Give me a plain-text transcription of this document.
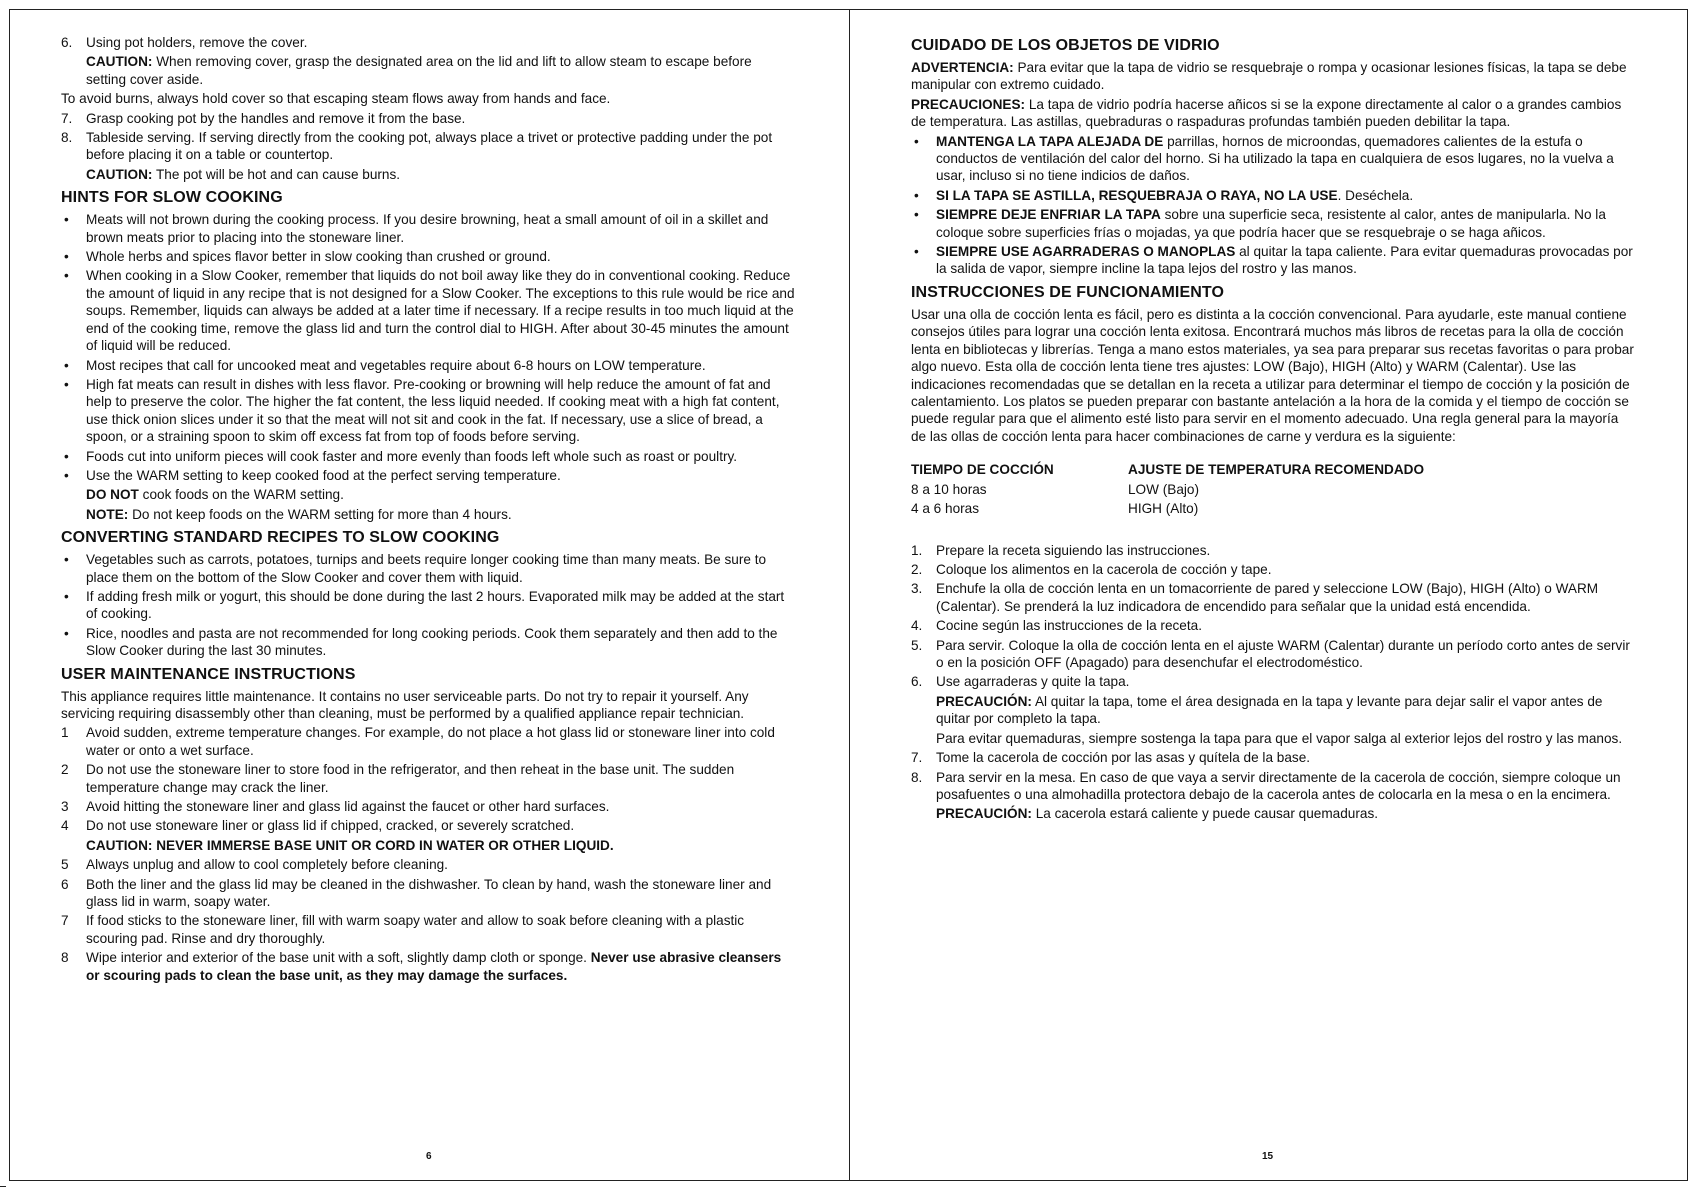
6. Using pot holders, remove the cover.

CAUTION: When removing cover, grasp the designated area on the lid and lift to allow steam to escape before setting cover aside.

To avoid burns, always hold cover so that escaping steam flows away from hands and face.

7. Grasp cooking pot by the handles and remove it from the base.
8. Tableside serving. If serving directly from the cooking pot, always place a trivet or protective padding under the pot before placing it on a table or countertop.

CAUTION: The pot will be hot and can cause burns.

HINTS FOR SLOW COOKING
• Meats will not brown during the cooking process. If you desire browning, heat a small amount of oil in a skillet and brown meats prior to placing into the stoneware liner.
• Whole herbs and spices flavor better in slow cooking than crushed or ground.
• When cooking in a Slow Cooker, remember that liquids do not boil away like they do in conventional cooking. Reduce the amount of liquid in any recipe that is not designed for a Slow Cooker. The exceptions to this rule would be rice and soups. Remember, liquids can always be added at a later time if necessary. If a recipe results in too much liquid at the end of the cooking time, remove the glass lid and turn the control dial to HIGH. After about 30-45 minutes the amount of liquid will be reduced.
• Most recipes that call for uncooked meat and vegetables require about 6-8 hours on LOW temperature.
• High fat meats can result in dishes with less flavor. Pre-cooking or browning will help reduce the amount of fat and help to preserve the color. The higher the fat content, the less liquid needed. If cooking meat with a high fat content, use thick onion slices under it so that the meat will not sit and cook in the fat. If necessary, use a slice of bread, a spoon, or a straining spoon to skim off excess fat from top of foods before serving.
• Foods cut into uniform pieces will cook faster and more evenly than foods left whole such as roast or poultry.
• Use the WARM setting to keep cooked food at the perfect serving temperature.

DO NOT cook foods on the WARM setting.

NOTE: Do not keep foods on the WARM setting for more than 4 hours.

CONVERTING STANDARD RECIPES TO SLOW COOKING
• Vegetables such as carrots, potatoes, turnips and beets require longer cooking time than many meats. Be sure to place them on the bottom of the Slow Cooker and cover them with liquid.
• If adding fresh milk or yogurt, this should be done during the last 2 hours. Evaporated milk may be added at the start of cooking.
• Rice, noodles and pasta are not recommended for long cooking periods. Cook them separately and then add to the Slow Cooker during the last 30 minutes.
USER MAINTENANCE INSTRUCTIONS

This appliance requires little maintenance. It contains no user serviceable parts. Do not try to repair it yourself. Any servicing requiring disassembly other than cleaning, must be performed by a qualified appliance repair technician.

1 Avoid sudden, extreme temperature changes. For example, do not place a hot glass lid or stoneware liner into cold water or onto a wet surface.
2 Do not use the stoneware liner to store food in the refrigerator, and then reheat in the base unit. The sudden temperature change may crack the liner.
3 Avoid hitting the stoneware liner and glass lid against the faucet or other hard surfaces.
4 Do not use stoneware liner or glass lid if chipped, cracked, or severely scratched.

CAUTION: NEVER IMMERSE BASE UNIT OR CORD IN WATER OR OTHER LIQUID.

5 Always unplug and allow to cool completely before cleaning.
6 Both the liner and the glass lid may be cleaned in the dishwasher. To clean by hand, wash the stoneware liner and glass lid in warm, soapy water.
7 If food sticks to the stoneware liner, fill with warm soapy water and allow to soak before cleaning with a plastic scouring pad. Rinse and dry thoroughly.
8 Wipe interior and exterior of the base unit with a soft, slightly damp cloth or sponge. Never use abrasive cleansers or scouring pads to clean the base unit, as they may damage the surfaces.
6
CUIDADO DE LOS OBJETOS DE VIDRIO

ADVERTENCIA: Para evitar que la tapa de vidrio se resquebraje o rompa y ocasionar lesiones físicas, la tapa se debe manipular con extremo cuidado.

PRECAUCIONES: La tapa de vidrio podría hacerse añicos si se la expone directamente al calor o a grandes cambios de temperatura. Las astillas, quebraduras o raspaduras profundas también pueden debilitar la tapa.

• MANTENGA LA TAPA ALEJADA DE parrillas, hornos de microondas, quemadores calientes de la estufa o conductos de ventilación del calor del horno. Si ha utilizado la tapa en cualquiera de esos lugares, no la vuelva a usar, incluso si no tiene indicios de daños.
• SI LA TAPA SE ASTILLA, RESQUEBRAJA O RAYA, NO LA USE. Deséchela.
• SIEMPRE DEJE ENFRIAR LA TAPA sobre una superficie seca, resistente al calor, antes de manipularla. No la coloque sobre superficies frías o mojadas, ya que podría hacer que se resquebraje o se haga añicos.
• SIEMPRE USE AGARRADERAS O MANOPLAS al quitar la tapa caliente. Para evitar quemaduras provocadas por la salida de vapor, siempre incline la tapa lejos del rostro y las manos.
INSTRUCCIONES DE FUNCIONAMIENTO

Usar una olla de cocción lenta es fácil, pero es distinta a la cocción convencional. Para ayudarle, este manual contiene consejos útiles para lograr una cocción lenta exitosa. Encontrará muchos más libros de recetas para la olla de cocción lenta en bibliotecas y librerías. Tenga a mano estos materiales, ya sea para preparar sus recetas favoritas o para probar algo nuevo. Esta olla de cocción lenta tiene tres ajustes: LOW (Bajo), HIGH (Alto) y WARM (Calentar). Use las indicaciones recomendadas que se detallan en la receta a utilizar para determinar el tiempo de cocción y la posición de calentamiento. Los platos se pueden preparar con bastante antelación a la hora de la comida y el tiempo de cocción se puede regular para que el alimento esté listo para servir en el momento adecuado. Una regla general para la mayoría de las ollas de cocción lenta para hacer combinaciones de carne y verdura es la siguiente:

TIEMPO DE COCCIÓN	AJUSTE DE TEMPERATURA RECOMENDADO
8 a 10 horas	LOW (Bajo)
4 a 6 horas	HIGH (Alto)
1. Prepare la receta siguiendo las instrucciones.
2. Coloque los alimentos en la cacerola de cocción y tape.
3. Enchufe la olla de cocción lenta en un tomacorriente de pared y seleccione LOW (Bajo), HIGH (Alto) o WARM (Calentar). Se prenderá la luz indicadora de encendido para señalar que la unidad está encendida.
4. Cocine según las instrucciones de la receta.
5. Para servir. Coloque la olla de cocción lenta en el ajuste WARM (Calentar) durante un período corto antes de servir o en la posición OFF (Apagado) para desenchufar el electrodoméstico.
6. Use agarraderas y quite la tapa.

PRECAUCIÓN: Al quitar la tapa, tome el área designada en la tapa y levante para dejar salir el vapor antes de quitar por completo la tapa.

Para evitar quemaduras, siempre sostenga la tapa para que el vapor salga al exterior lejos del rostro y las manos.

7. Tome la cacerola de cocción por las asas y quítela de la base.
8. Para servir en la mesa. En caso de que vaya a servir directamente de la cacerola de cocción, siempre coloque un posafuentes o una almohadilla protectora debajo de la cacerola antes de colocarla en la mesa o en la encimera.

PRECAUCIÓN: La cacerola estará caliente y puede causar quemaduras.

15
